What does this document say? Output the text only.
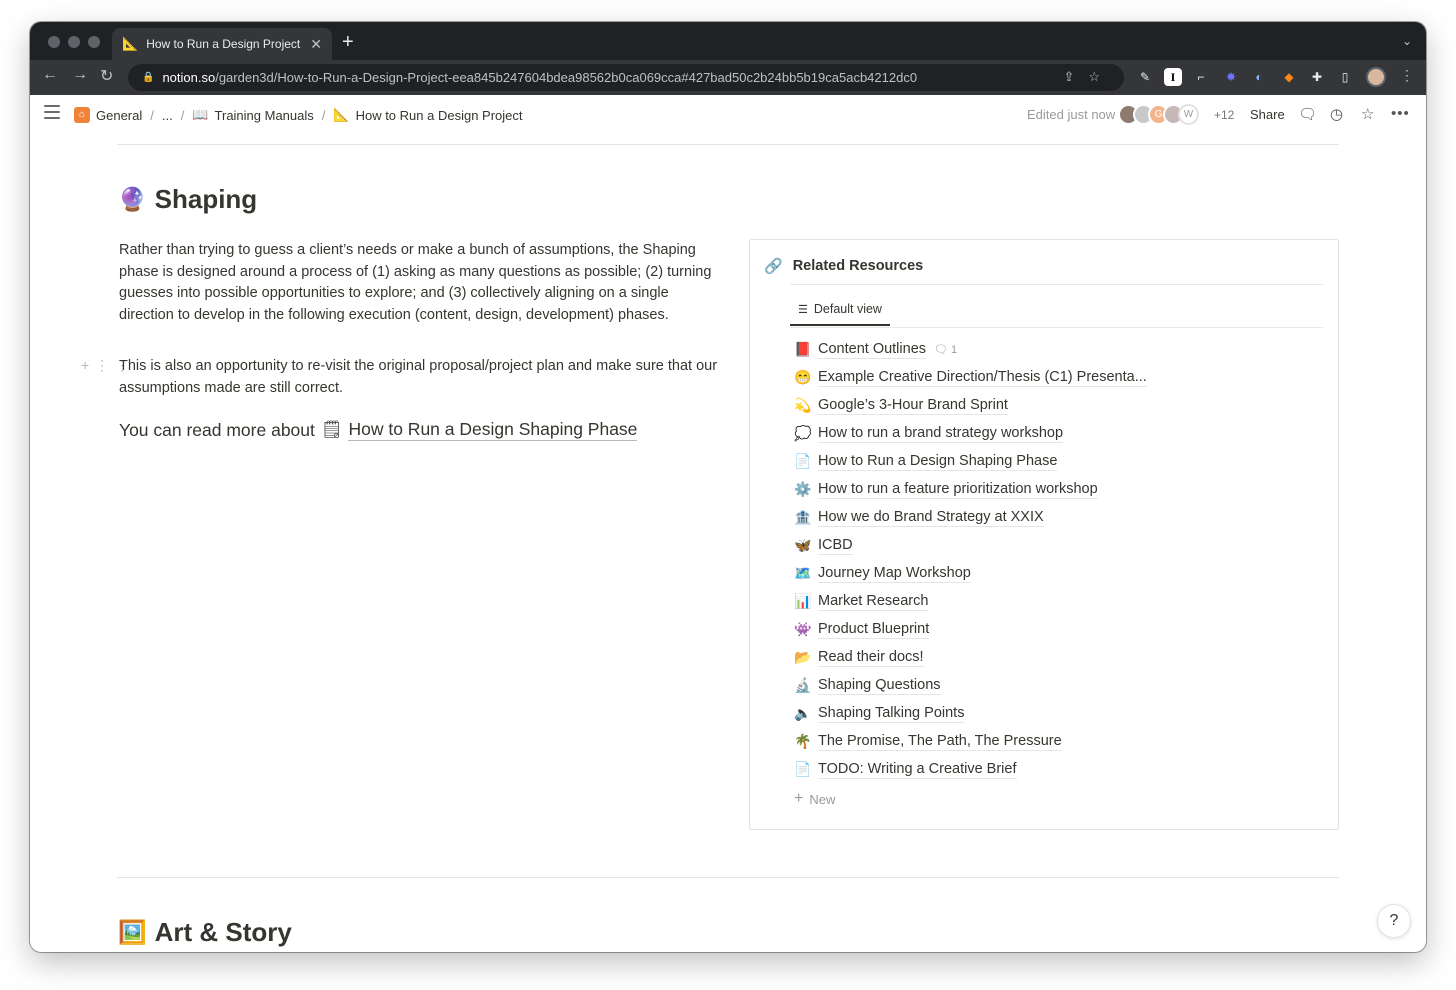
📐 How to Run a Design Project ✕ +	⌄
← → ↻	🔒 notion.so /garden3d/How-to-Run-a-Design-Project-eea845b247604bdea98562b0ca069cca#427bad50c2b24bb5b19ca5acb4212dc0	⇪☆	✎	I	⌐	✸	◐	◆	✚	▯	⋮
⌂ General / ... / 📖 Training Manuals / 📐 How to Run a Design Project	Edited just now	G	W	+12 Share 🗨 ◷ ☆ •••
🔮 Shaping

Rather than trying to guess a client’s needs or make a bunch of assumptions, the Shaping phase is designed around a process of (1) asking as many questions as possible; (2) turning guesses into possible opportunities to explore; and (3) collectively aligning on a single direction to develop in the following execution (content, design, development) phases.

+⋮⋮

This is also an opportunity to re-visit the original proposal/project plan and make sure that our assumptions made are still correct.

You can read more about 🗒 How to Run a Design Shaping Phase
🔗 Related Resources
☰ Default view
📕 Content Outlines 🗨 1
😁 Example Creative Direction/Thesis (C1) Presenta...
💫 Google’s 3-Hour Brand Sprint
💭 How to run a brand strategy workshop
📄 How to Run a Design Shaping Phase
⚙️ How to run a feature prioritization workshop
🏦 How we do Brand Strategy at XXIX
🦋 ICBD
🗺️ Journey Map Workshop
📊 Market Research
👾 Product Blueprint
📂 Read their docs!
🔬 Shaping Questions
🔈 Shaping Talking Points
🌴 The Promise, The Path, The Pressure
📄 TODO: Writing a Creative Brief
+ New
🖼️ Art & Story	?
